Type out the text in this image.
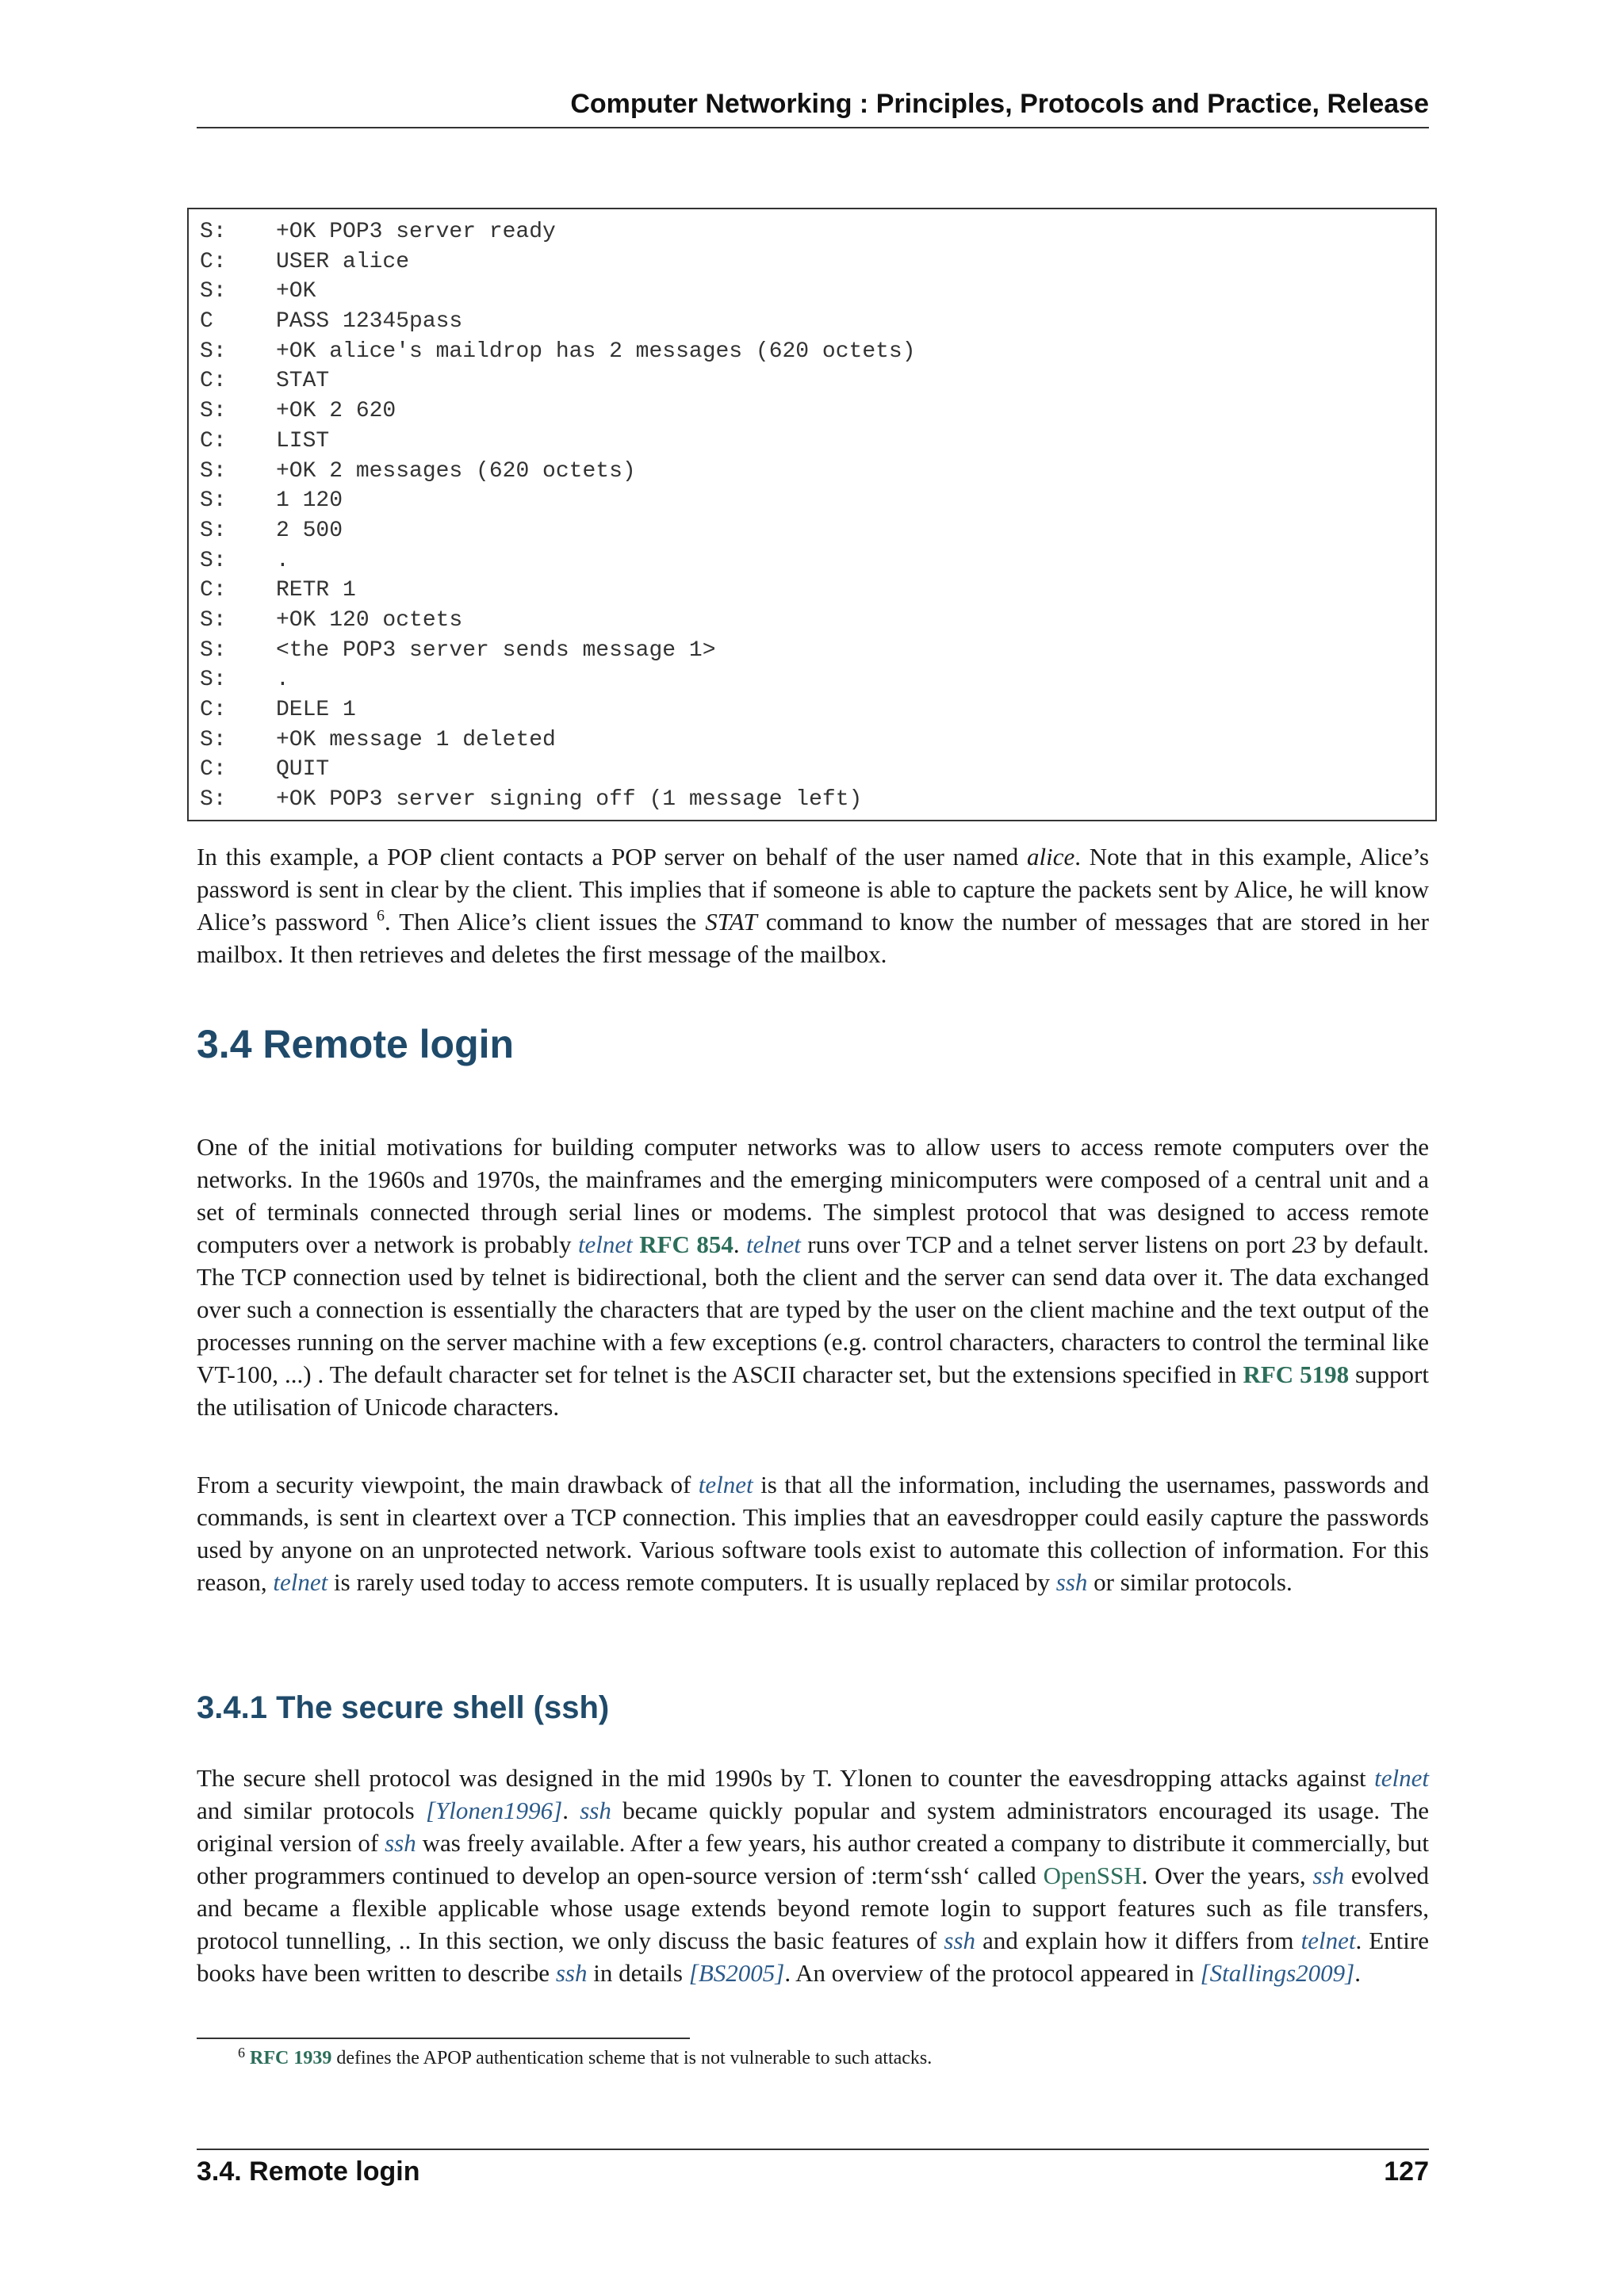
Computer Networking : Principles, Protocols and Practice, Release
S: +OK POP3 server ready
C: USER alice
S: +OK
C	PASS 12345pass
S: +OK alice's maildrop has 2 messages (620 octets)
C: STAT
S: +OK 2 620
C: LIST
S: +OK 2 messages (620 octets)
S: 1 120
S: 2 500
S: .
C: RETR 1
S: +OK 120 octets
S: <the POP3 server sends message 1>
S: .
C: DELE 1
S: +OK message 1 deleted
C: QUIT
S: +OK POP3 server signing off (1 message left)

In this example, a POP client contacts a POP server on behalf of the user named alice. Note that in this example, Alice’s password is sent in clear by the client. This implies that if someone is able to capture the packets sent by Alice, he will know Alice’s password $^6$. Then Alice’s client issues the STAT command to know the number of messages that are stored in her mailbox. It then retrieves and deletes the first message of the mailbox.

3.4 Remote login

One of the initial motivations for building computer networks was to allow users to access remote computers over the networks. In the 1960s and 1970s, the mainframes and the emerging minicomputers were composed of a central unit and a set of terminals connected through serial lines or modems. The simplest protocol that was designed to access remote computers over a network is probably telnet RFC 854. telnet runs over TCP and a telnet server listens on port 23 by default. The TCP connection used by telnet is bidirectional, both the client and the server can send data over it. The data exchanged over such a connection is essentially the characters that are typed by the user on the client machine and the text output of the processes running on the server machine with a few exceptions (e.g. control characters, characters to control the terminal like VT-100, ...) . The default character set for telnet is the ASCII character set, but the extensions specified in RFC 5198 support the utilisation of Unicode characters.

From a security viewpoint, the main drawback of telnet is that all the information, including the usernames, passwords and commands, is sent in cleartext over a TCP connection. This implies that an eavesdropper could easily capture the passwords used by anyone on an unprotected network. Various software tools exist to automate this collection of information. For this reason, telnet is rarely used today to access remote computers. It is usually replaced by ssh or similar protocols.

3.4.1 The secure shell (ssh)

The secure shell protocol was designed in the mid 1990s by T. Ylonen to counter the eavesdropping attacks against telnet and similar protocols [Ylonen1996]. ssh became quickly popular and system administrators encouraged its usage. The original version of ssh was freely available. After a few years, his author created a company to distribute it commercially, but other programmers continued to develop an open-source version of :term‘ssh‘ called OpenSSH. Over the years, ssh evolved and became a flexible applicable whose usage extends beyond remote login to support features such as file transfers, protocol tunnelling, .. In this section, we only discuss the basic features of ssh and explain how it differs from telnet. Entire books have been written to describe ssh in details [BS2005]. An overview of the protocol appeared in [Stallings2009].

$^6$ RFC 1939 defines the APOP authentication scheme that is not vulnerable to such attacks.
3.4. Remote login	127
